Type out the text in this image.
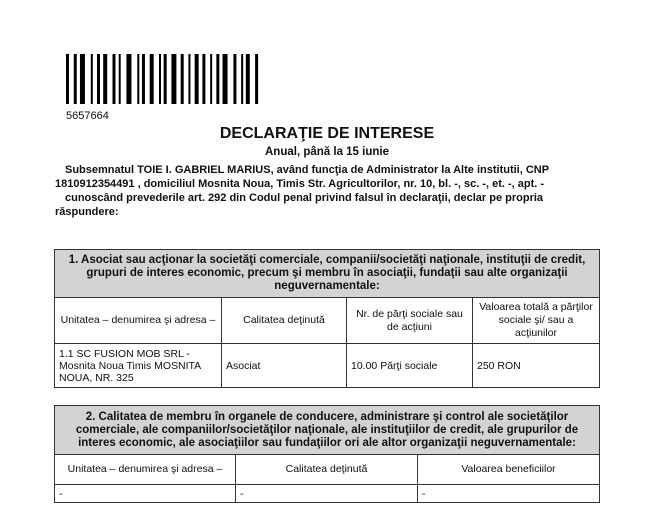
5657664
DECLARAŢIE DE INTERESE
Anual, până la 15 iunie
Subsemnatul TOIE I. GABRIEL MARIUS, având funcţia de Administrator la Alte institutii, CNP
1810912354491 , domiciliul Mosnita Noua, Timis Str. Agricultorilor, nr. 10, bl. -, sc. -, et. -, apt. -
cunoscând prevederile art. 292 din Codul penal privind falsul în declaraţii, declar pe propria
răspundere:
1. Asociat sau acţionar la societăţi comerciale, companii/societăţi naţionale, instituţii de credit, grupuri de interes economic, precum şi membru în asociaţii, fundaţii sau alte organizaţii neguvernamentale:			
Unitatea – denumirea şi adresa –	Calitatea deţinută	Nr. de părţi sociale sau de acţiuni	Valoarea totală a părţilor sociale şi/ sau a acţiunilor
1.1 SC FUSION MOB SRL - Mosnita Noua Timis MOSNITA NOUA, NR. 325	Asociat	10.00 Părţi sociale	250 RON
2. Calitatea de membru în organele de conducere, administrare şi control ale societăţilor comerciale, ale companiilor/societăţilor naţionale, ale instituţiilor de credit, ale grupurilor de interes economic, ale asociaţiilor sau fundaţiilor ori ale altor organizaţii neguvernamentale:		
Unitatea – denumirea şi adresa –	Calitatea deţinută	Valoarea beneficiilor
-	-	-
